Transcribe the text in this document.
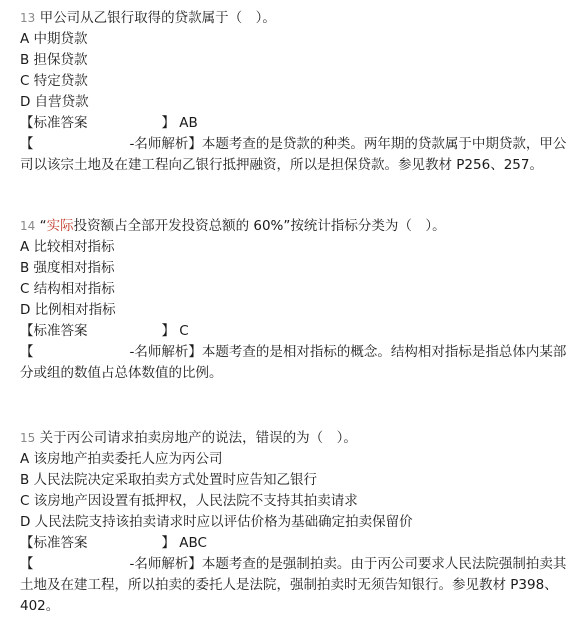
13 甲公司从乙银行取得的贷款属于（　）。
A 中期贷款
B 担保贷款
C 特定贷款
D 自营贷款
【标准答案	】 AB
【	-名师解析】本题考查的是贷款的种类。两年期的贷款属于中期贷款，甲公司以该宗土地及在建工程向乙银行抵押融资，所以是担保贷款。参见教材 P256、257。
14 “实际投资额占全部开发投资总额的 60%”按统计指标分类为（　）。
A 比较相对指标
B 强度相对指标
C 结构相对指标
D 比例相对指标
【标准答案	】 C
【	-名师解析】本题考查的是相对指标的概念。结构相对指标是指总体内某部分或组的数值占总体数值的比例。
15 关于丙公司请求拍卖房地产的说法，错误的为（　）。
A 该房地产拍卖委托人应为丙公司
B 人民法院决定采取拍卖方式处置时应告知乙银行
C 该房地产因设置有抵押权，人民法院不支持其拍卖请求
D 人民法院支持该拍卖请求时应以评估价格为基础确定拍卖保留价
【标准答案	】 ABC
【	-名师解析】本题考查的是强制拍卖。由于丙公司要求人民法院强制拍卖其土地及在建工程，所以拍卖的委托人是法院，强制拍卖时无须告知银行。参见教材 P398、402。
